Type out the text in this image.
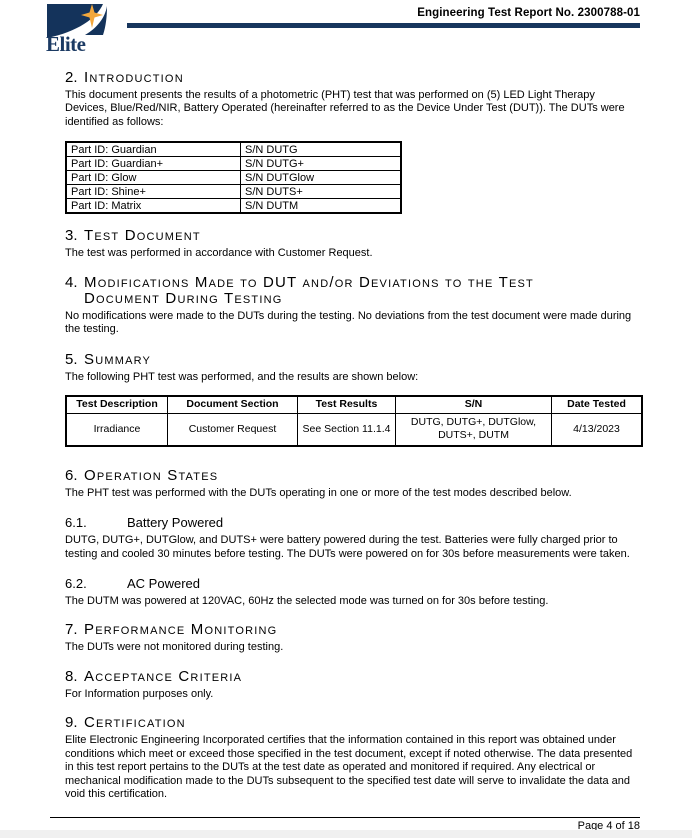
Elite
Engineering Test Report No. 2300788-01
2. Introduction

This document presents the results of a photometric (PHT) test that was performed on (5) LED Light Therapy Devices, Blue/Red/NIR, Battery Operated (hereinafter referred to as the Device Under Test (DUT)). The DUTs were identified as follows:

Part ID: Guardian	S/N DUTG
Part ID: Guardian+	S/N DUTG+
Part ID: Glow	S/N DUTGlow
Part ID: Shine+	S/N DUTS+
Part ID: Matrix	S/N DUTM
3. Test Document

The test was performed in accordance with Customer Request.

4. Modifications Made to DUT and/or Deviations to the Test Document During Testing

No modifications were made to the DUTs during the testing. No deviations from the test document were made during the testing.

5. Summary

The following PHT test was performed, and the results are shown below:

Test Description	Document Section	Test Results	S/N	Date Tested
Irradiance	Customer Request	See Section 11.1.4	DUTG, DUTG+, DUTGlow, DUTS+, DUTM	4/13/2023
6. Operation States

The PHT test was performed with the DUTs operating in one or more of the test modes described below.

6.1.	Battery Powered

DUTG, DUTG+, DUTGlow, and DUTS+ were battery powered during the test. Batteries were fully charged prior to testing and cooled 30 minutes before testing. The DUTs were powered on for 30s before measurements were taken.

6.2.	AC Powered

The DUTM was powered at 120VAC, 60Hz the selected mode was turned on for 30s before testing.

7. Performance Monitoring

The DUTs were not monitored during testing.

8. Acceptance Criteria

For Information purposes only.

9. Certification

Elite Electronic Engineering Incorporated certifies that the information contained in this report was obtained under conditions which meet or exceed those specified in the test document, except if noted otherwise. The data presented in this test report pertains to the DUTs at the test date as operated and monitored if required. Any electrical or mechanical modification made to the DUTs subsequent to the specified test date will serve to invalidate the data and void this certification.

Page 4 of 18
